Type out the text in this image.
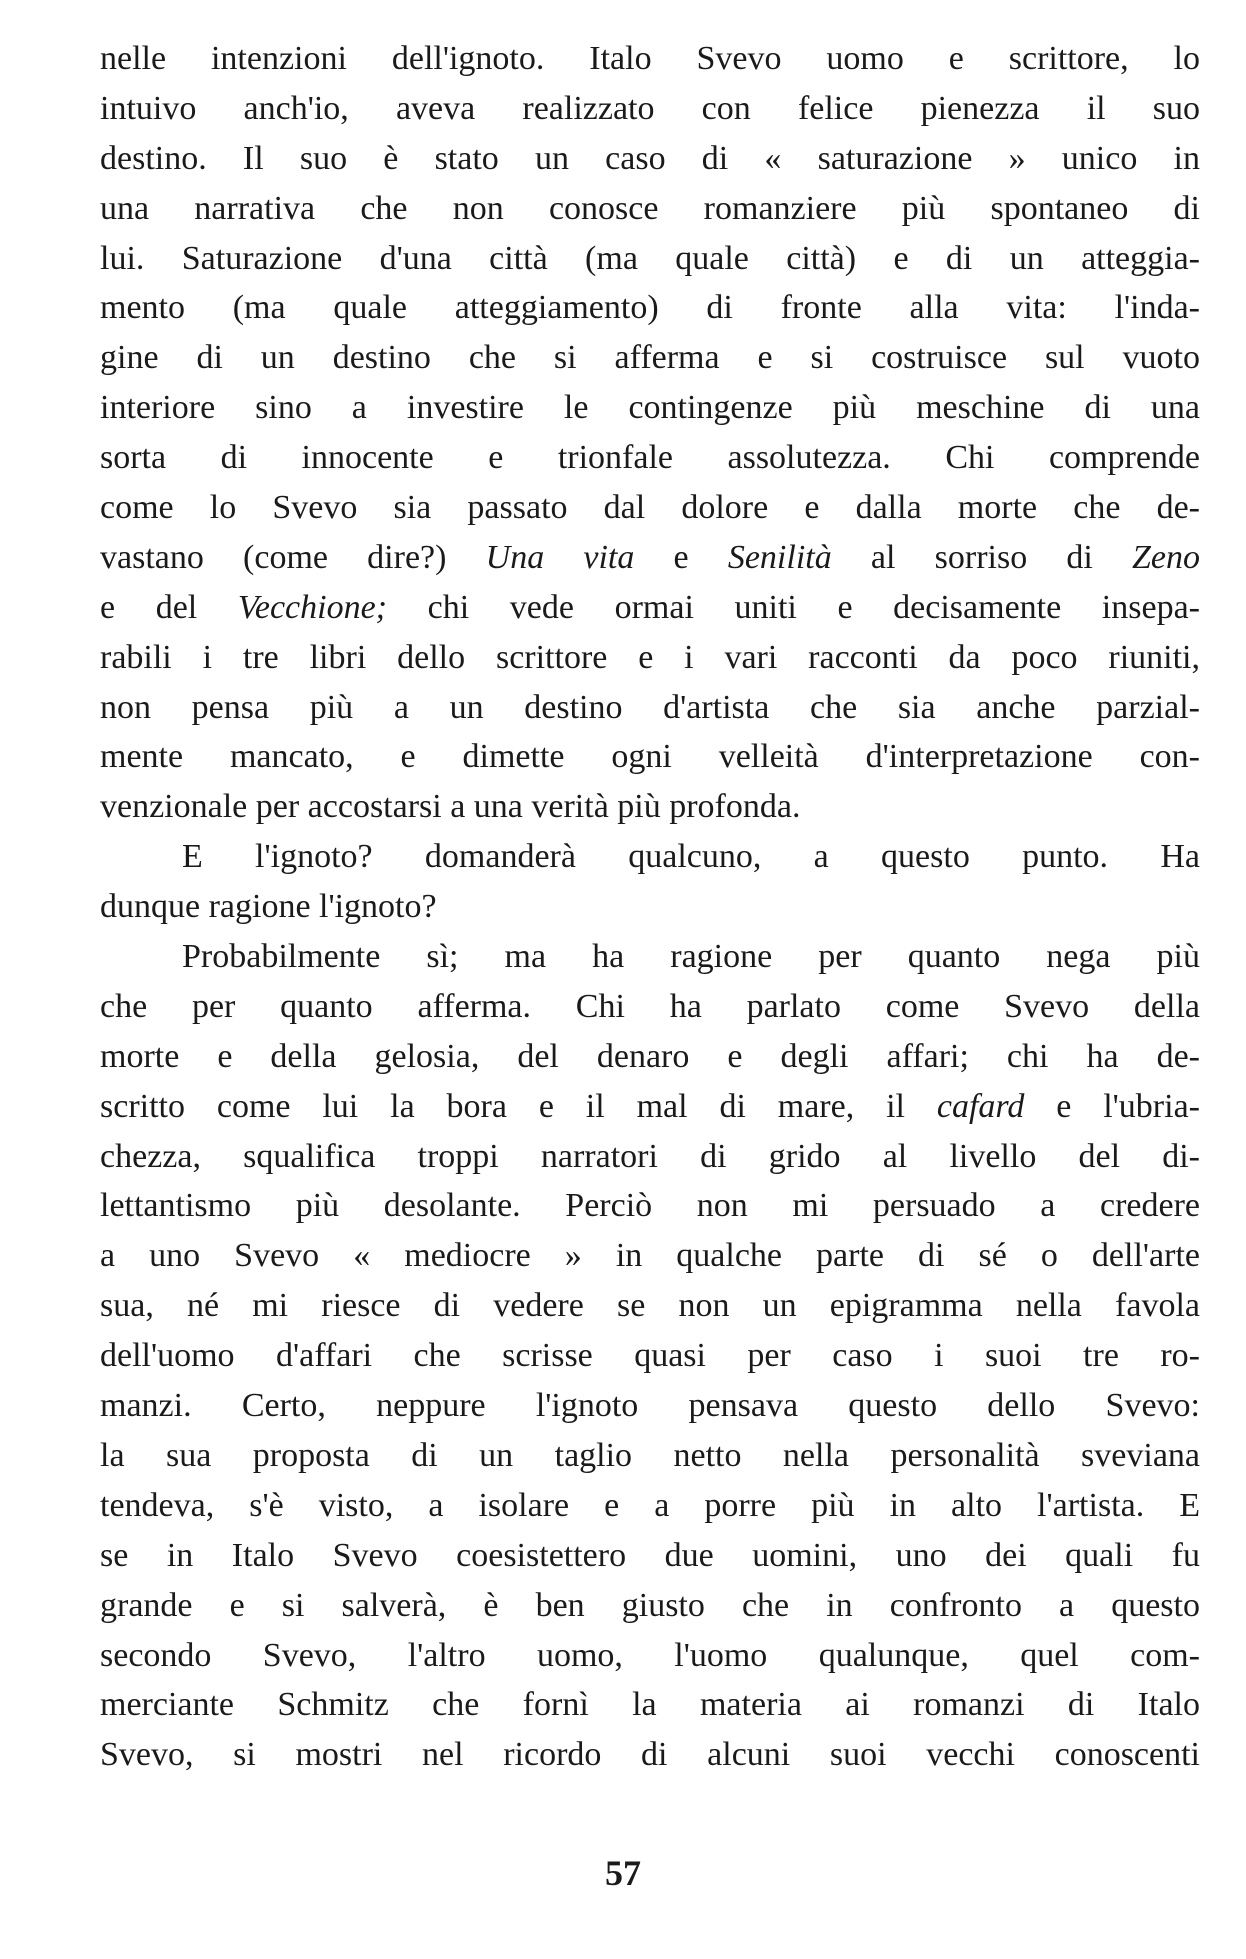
nelle intenzioni dell'ignoto. Italo Svevo uomo e scrittore, lo
intuivo anch'io, aveva realizzato con felice pienezza il suo
destino. Il suo è stato un caso di « saturazione » unico in
una narrativa che non conosce romanziere più spontaneo di
lui. Saturazione d'una città (ma quale città) e di un atteggia-
mento (ma quale atteggiamento) di fronte alla vita: l'inda-
gine di un destino che si afferma e si costruisce sul vuoto
interiore sino a investire le contingenze più meschine di una
sorta di innocente e trionfale assolutezza. Chi comprende
come lo Svevo sia passato dal dolore e dalla morte che de-
vastano (come dire?) Una vita e Senilità al sorriso di Zeno
e del Vecchione; chi vede ormai uniti e decisamente insepa-
rabili i tre libri dello scrittore e i vari racconti da poco riuniti,
non pensa più a un destino d'artista che sia anche parzial-
mente mancato, e dimette ogni velleità d'interpretazione con-
venzionale per accostarsi a una verità più profonda.
E l'ignoto? domanderà qualcuno, a questo punto. Ha
dunque ragione l'ignoto?
Probabilmente sì; ma ha ragione per quanto nega più
che per quanto afferma. Chi ha parlato come Svevo della
morte e della gelosia, del denaro e degli affari; chi ha de-
scritto come lui la bora e il mal di mare, il cafard e l'ubria-
chezza, squalifica troppi narratori di grido al livello del di-
lettantismo più desolante. Perciò non mi persuado a credere
a uno Svevo « mediocre » in qualche parte di sé o dell'arte
sua, né mi riesce di vedere se non un epigramma nella favola
dell'uomo d'affari che scrisse quasi per caso i suoi tre ro-
manzi. Certo, neppure l'ignoto pensava questo dello Svevo:
la sua proposta di un taglio netto nella personalità sveviana
tendeva, s'è visto, a isolare e a porre più in alto l'artista. E
se in Italo Svevo coesistettero due uomini, uno dei quali fu
grande e si salverà, è ben giusto che in confronto a questo
secondo Svevo, l'altro uomo, l'uomo qualunque, quel com-
merciante Schmitz che fornì la materia ai romanzi di Italo
Svevo, si mostri nel ricordo di alcuni suoi vecchi conoscenti
57
